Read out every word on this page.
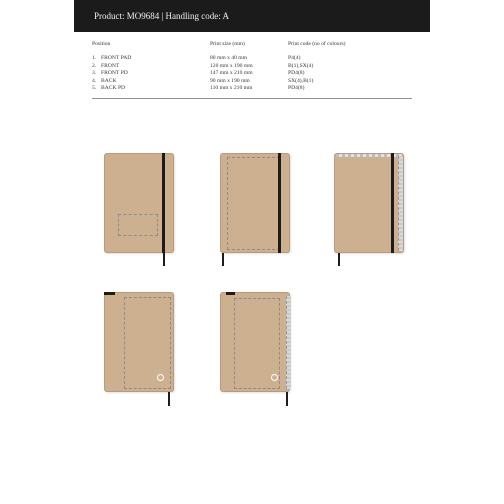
Product: MO9684 | Handling code: A
Position
1. FRONT PAD
2. FRONT
3. FRONT PD
4. BACK
5. BACK PD
Print size (mm)
80 mm x 40 mm
120 mm x 190 mm
147 mm x 210 mm
90 mm x 190 mm
110 mm x 210 mm
Print code (no of colours)
P4(4)
B(1),SX(4)
PD4(8)
SX(4),B(1)
PD4(8)
